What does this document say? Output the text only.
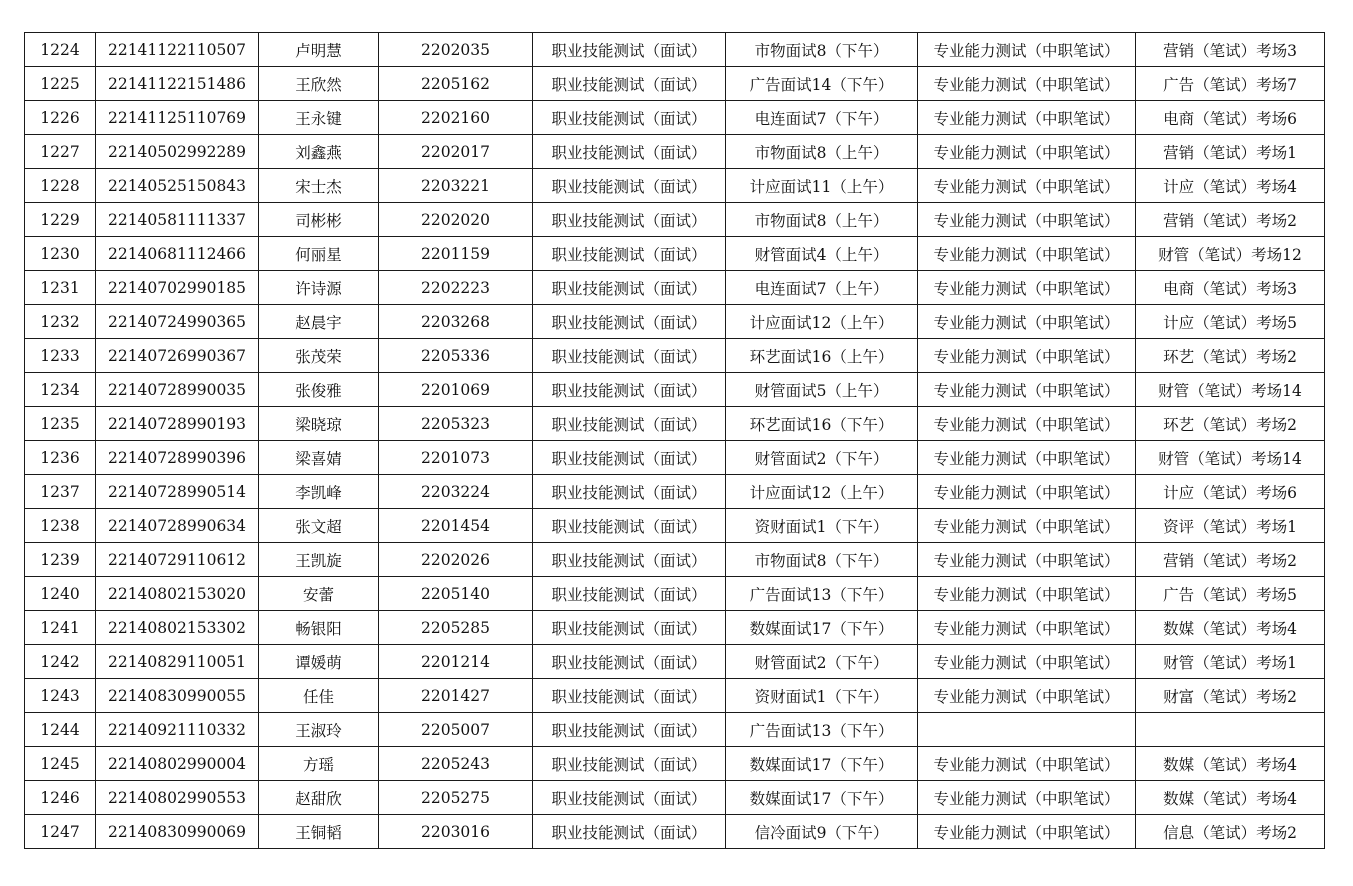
1224	22141122110507	卢明慧	2202035	职业技能测试（面试）	市物面试8（下午）	专业能力测试（中职笔试）	营销（笔试）考场3
1225	22141122151486	王欣然	2205162	职业技能测试（面试）	广告面试14（下午）	专业能力测试（中职笔试）	广告（笔试）考场7
1226	22141125110769	王永键	2202160	职业技能测试（面试）	电连面试7（下午）	专业能力测试（中职笔试）	电商（笔试）考场6
1227	22140502992289	刘鑫燕	2202017	职业技能测试（面试）	市物面试8（上午）	专业能力测试（中职笔试）	营销（笔试）考场1
1228	22140525150843	宋士杰	2203221	职业技能测试（面试）	计应面试11（上午）	专业能力测试（中职笔试）	计应（笔试）考场4
1229	22140581111337	司彬彬	2202020	职业技能测试（面试）	市物面试8（上午）	专业能力测试（中职笔试）	营销（笔试）考场2
1230	22140681112466	何丽星	2201159	职业技能测试（面试）	财管面试4（上午）	专业能力测试（中职笔试）	财管（笔试）考场12
1231	22140702990185	许诗源	2202223	职业技能测试（面试）	电连面试7（上午）	专业能力测试（中职笔试）	电商（笔试）考场3
1232	22140724990365	赵晨宇	2203268	职业技能测试（面试）	计应面试12（上午）	专业能力测试（中职笔试）	计应（笔试）考场5
1233	22140726990367	张茂荣	2205336	职业技能测试（面试）	环艺面试16（上午）	专业能力测试（中职笔试）	环艺（笔试）考场2
1234	22140728990035	张俊雅	2201069	职业技能测试（面试）	财管面试5（上午）	专业能力测试（中职笔试）	财管（笔试）考场14
1235	22140728990193	梁晓琼	2205323	职业技能测试（面试）	环艺面试16（下午）	专业能力测试（中职笔试）	环艺（笔试）考场2
1236	22140728990396	梁喜婧	2201073	职业技能测试（面试）	财管面试2（下午）	专业能力测试（中职笔试）	财管（笔试）考场14
1237	22140728990514	李凯峰	2203224	职业技能测试（面试）	计应面试12（上午）	专业能力测试（中职笔试）	计应（笔试）考场6
1238	22140728990634	张文超	2201454	职业技能测试（面试）	资财面试1（下午）	专业能力测试（中职笔试）	资评（笔试）考场1
1239	22140729110612	王凯旋	2202026	职业技能测试（面试）	市物面试8（下午）	专业能力测试（中职笔试）	营销（笔试）考场2
1240	22140802153020	安蕾	2205140	职业技能测试（面试）	广告面试13（下午）	专业能力测试（中职笔试）	广告（笔试）考场5
1241	22140802153302	畅银阳	2205285	职业技能测试（面试）	数媒面试17（下午）	专业能力测试（中职笔试）	数媒（笔试）考场4
1242	22140829110051	谭媛萌	2201214	职业技能测试（面试）	财管面试2（下午）	专业能力测试（中职笔试）	财管（笔试）考场1
1243	22140830990055	任佳	2201427	职业技能测试（面试）	资财面试1（下午）	专业能力测试（中职笔试）	财富（笔试）考场2
1244	22140921110332	王淑玲	2205007	职业技能测试（面试）	广告面试13（下午）		
1245	22140802990004	方瑶	2205243	职业技能测试（面试）	数媒面试17（下午）	专业能力测试（中职笔试）	数媒（笔试）考场4
1246	22140802990553	赵甜欣	2205275	职业技能测试（面试）	数媒面试17（下午）	专业能力测试（中职笔试）	数媒（笔试）考场4
1247	22140830990069	王铜韬	2203016	职业技能测试（面试）	信冷面试9（下午）	专业能力测试（中职笔试）	信息（笔试）考场2
